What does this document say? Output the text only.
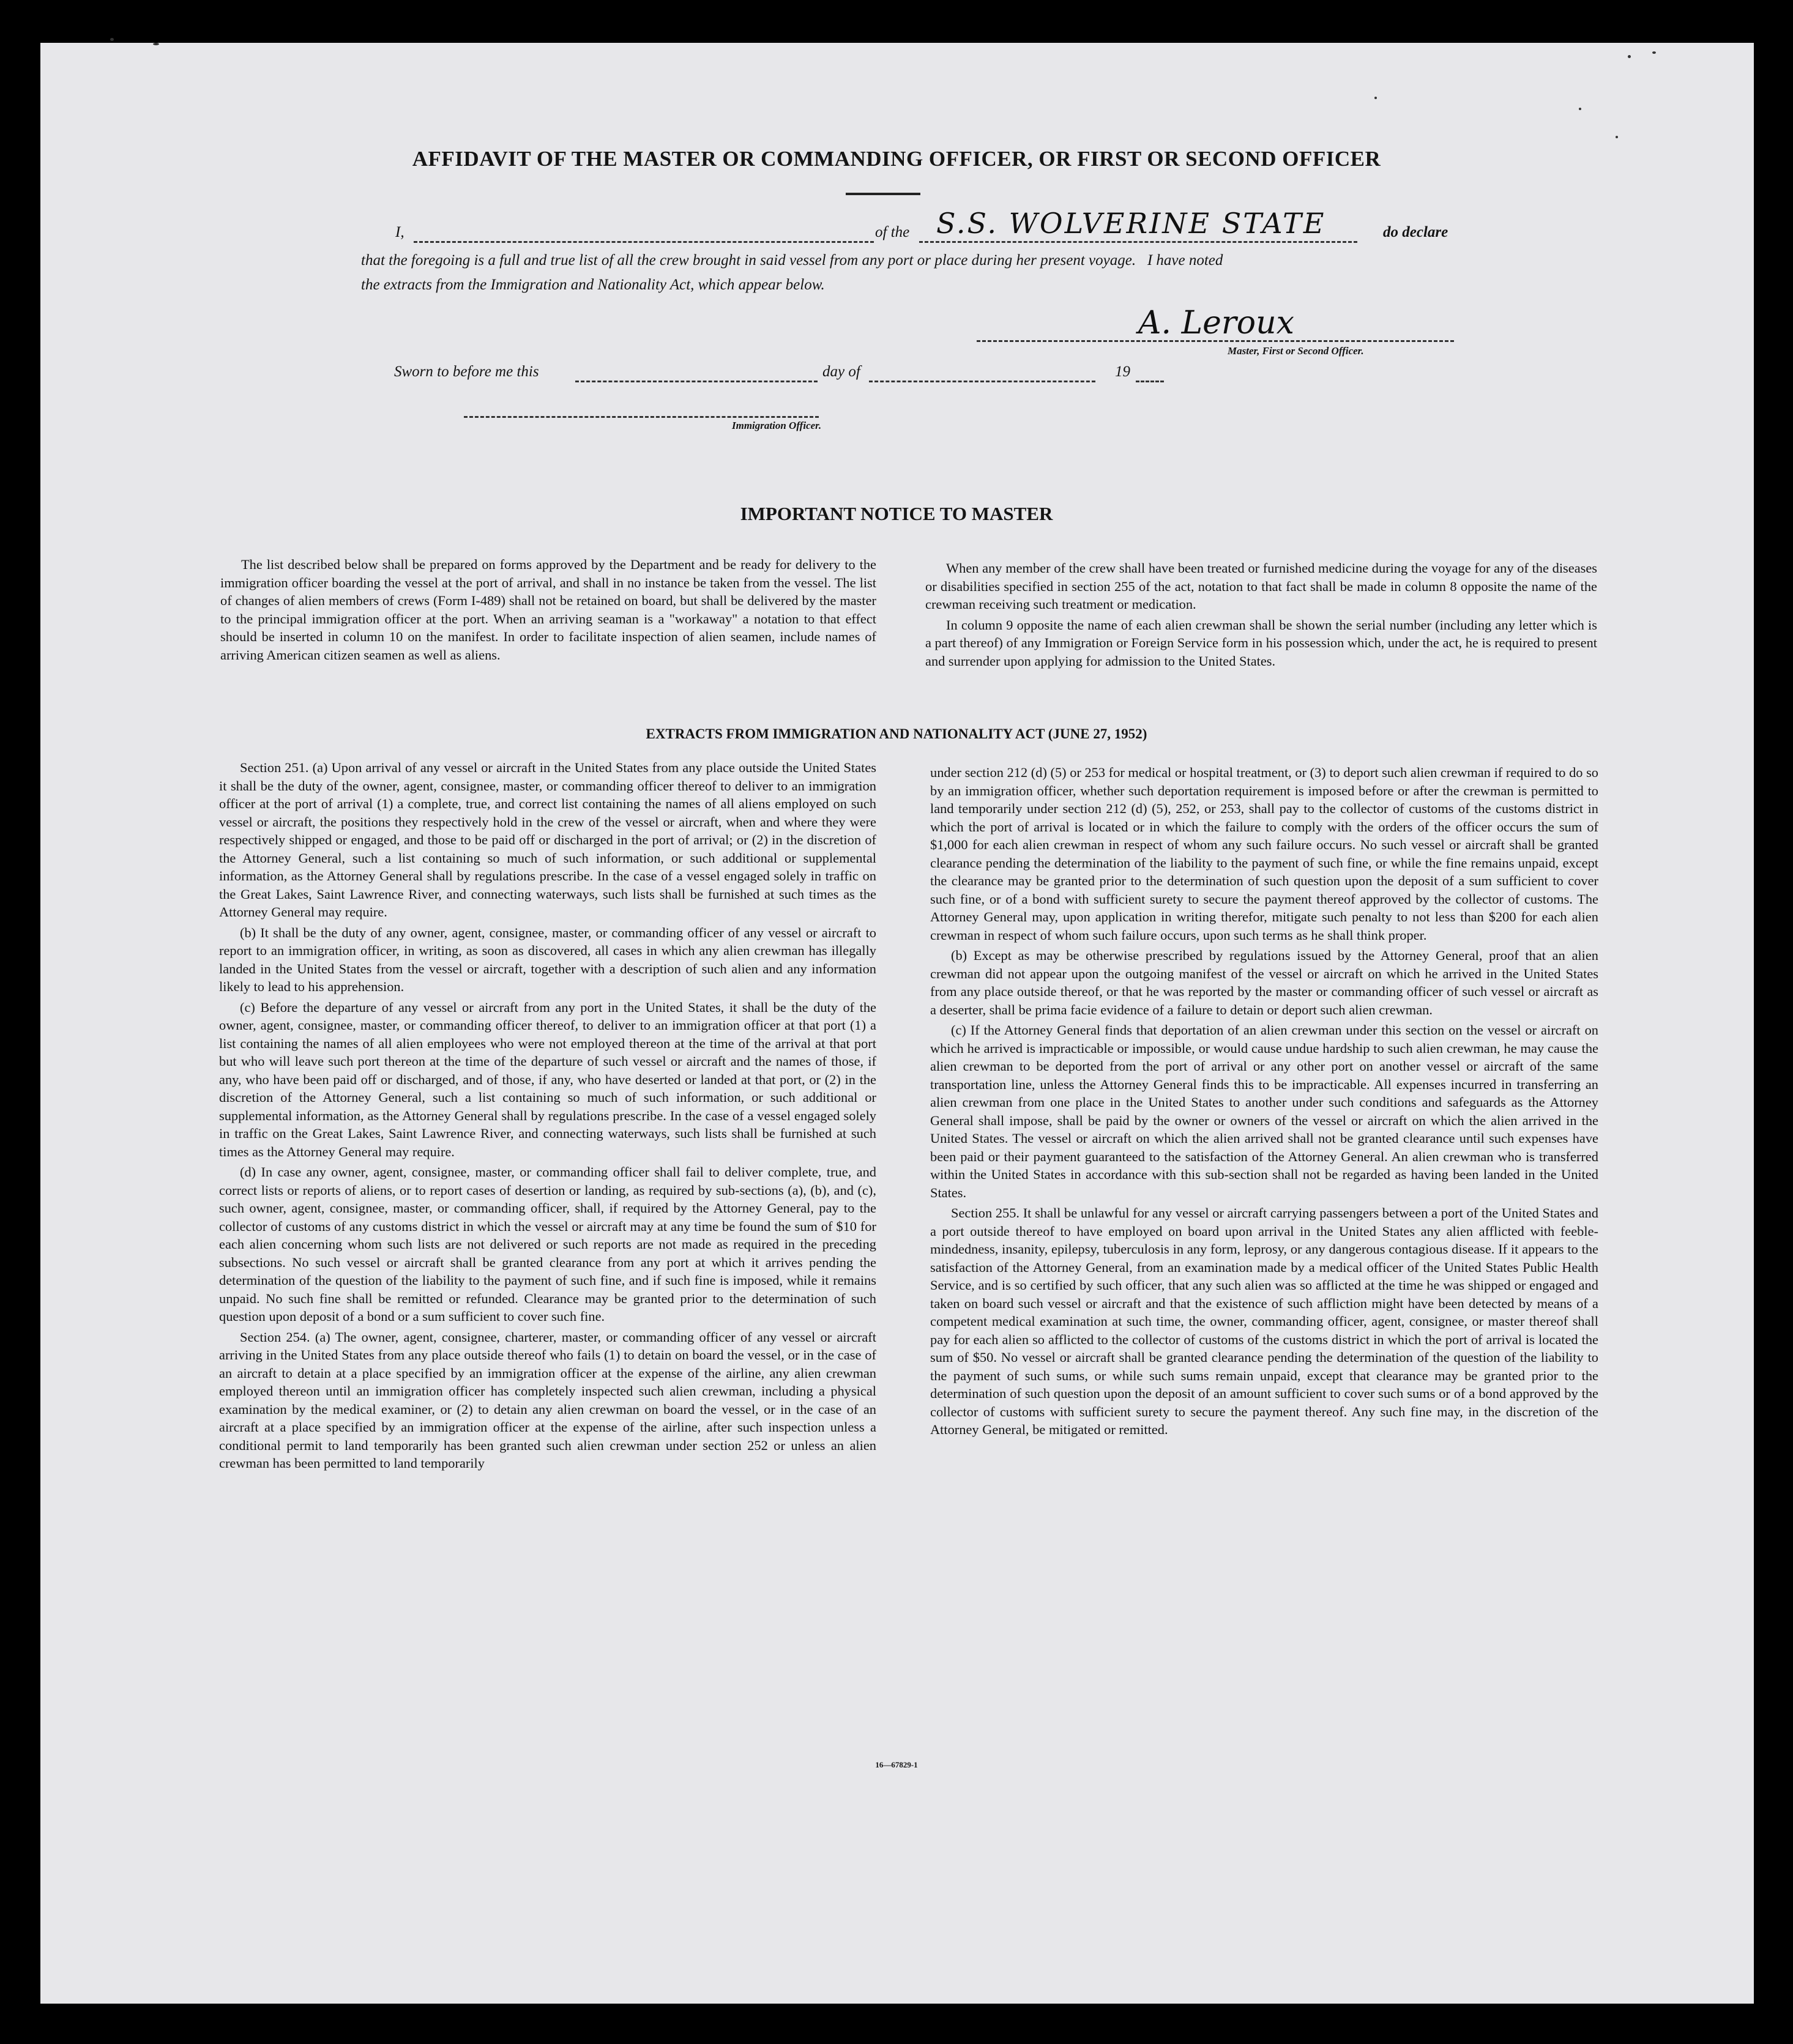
AFFIDAVIT OF THE MASTER OR COMMANDING OFFICER, OR FIRST OR SECOND OFFICER
I,	of the S.S. WOLVERINE STATE	do declare
that the foregoing is a full and true list of all the crew brought in said vessel from any port or place during her present voyage.   I have noted
the extracts from the Immigration and Nationality Act, which appear below.
A. Leroux
Master, First or Second Officer.
Sworn to before me this	day of	19
Immigration Officer.
IMPORTANT NOTICE TO MASTER

The list described below shall be prepared on forms approved by the Department and be ready for delivery to the immigration officer boarding the vessel at the port of arrival, and shall in no instance be taken from the vessel. The list of changes of alien members of crews (Form I-489) shall not be retained on board, but shall be delivered by the master to the principal immigration officer at the port. When an arriving seaman is a "workaway" a notation to that effect should be inserted in column 10 on the manifest. In order to facilitate inspection of alien seamen, include names of arriving American citizen seamen as well as aliens.

When any member of the crew shall have been treated or furnished medicine during the voyage for any of the diseases or disabilities specified in section 255 of the act, notation to that fact shall be made in column 8 opposite the name of the crewman receiving such treatment or medication.

In column 9 opposite the name of each alien crewman shall be shown the serial number (including any letter which is a part thereof) of any Immigration or Foreign Service form in his possession which, under the act, he is required to present and surrender upon applying for admission to the United States.

EXTRACTS FROM IMMIGRATION AND NATIONALITY ACT (JUNE 27, 1952)

Section 251. (a) Upon arrival of any vessel or aircraft in the United States from any place outside the United States it shall be the duty of the owner, agent, consignee, master, or commanding officer thereof to deliver to an immigration officer at the port of arrival (1) a complete, true, and correct list containing the names of all aliens employed on such vessel or aircraft, the positions they respectively hold in the crew of the vessel or aircraft, when and where they were respectively shipped or engaged, and those to be paid off or discharged in the port of arrival; or (2) in the discretion of the Attorney General, such a list containing so much of such information, or such additional or supplemental information, as the Attorney General shall by regulations prescribe. In the case of a vessel engaged solely in traffic on the Great Lakes, Saint Lawrence River, and connecting waterways, such lists shall be furnished at such times as the Attorney General may require.

(b) It shall be the duty of any owner, agent, consignee, master, or commanding officer of any vessel or aircraft to report to an immigration officer, in writing, as soon as discovered, all cases in which any alien crewman has illegally landed in the United States from the vessel or aircraft, together with a description of such alien and any information likely to lead to his apprehension.

(c) Before the departure of any vessel or aircraft from any port in the United States, it shall be the duty of the owner, agent, consignee, master, or commanding officer thereof, to deliver to an immigration officer at that port (1) a list containing the names of all alien employees who were not employed thereon at the time of the arrival at that port but who will leave such port thereon at the time of the departure of such vessel or aircraft and the names of those, if any, who have been paid off or discharged, and of those, if any, who have deserted or landed at that port, or (2) in the discretion of the Attorney General, such a list containing so much of such information, or such additional or supplemental information, as the Attorney General shall by regulations prescribe. In the case of a vessel engaged solely in traffic on the Great Lakes, Saint Lawrence River, and connecting waterways, such lists shall be furnished at such times as the Attorney General may require.

(d) In case any owner, agent, consignee, master, or commanding officer shall fail to deliver complete, true, and correct lists or reports of aliens, or to report cases of desertion or landing, as required by sub-sections (a), (b), and (c), such owner, agent, consignee, master, or commanding officer, shall, if required by the Attorney General, pay to the collector of customs of any customs district in which the vessel or aircraft may at any time be found the sum of $10 for each alien concerning whom such lists are not delivered or such reports are not made as required in the preceding subsections. No such vessel or aircraft shall be granted clearance from any port at which it arrives pending the determination of the question of the liability to the payment of such fine, and if such fine is imposed, while it remains unpaid. No such fine shall be remitted or refunded. Clearance may be granted prior to the determination of such question upon deposit of a bond or a sum sufficient to cover such fine.

Section 254. (a) The owner, agent, consignee, charterer, master, or commanding officer of any vessel or aircraft arriving in the United States from any place outside thereof who fails (1) to detain on board the vessel, or in the case of an aircraft to detain at a place specified by an immigration officer at the expense of the airline, any alien crewman employed thereon until an immigration officer has completely inspected such alien crewman, including a physical examination by the medical examiner, or (2) to detain any alien crewman on board the vessel, or in the case of an aircraft at a place specified by an immigration officer at the expense of the airline, after such inspection unless a conditional permit to land temporarily has been granted such alien crewman under section 252 or unless an alien crewman has been permitted to land temporarily

under section 212 (d) (5) or 253 for medical or hospital treatment, or (3) to deport such alien crewman if required to do so by an immigration officer, whether such deportation requirement is imposed before or after the crewman is permitted to land temporarily under section 212 (d) (5), 252, or 253, shall pay to the collector of customs of the customs district in which the port of arrival is located or in which the failure to comply with the orders of the officer occurs the sum of $1,000 for each alien crewman in respect of whom any such failure occurs. No such vessel or aircraft shall be granted clearance pending the determination of the liability to the payment of such fine, or while the fine remains unpaid, except the clearance may be granted prior to the determination of such question upon the deposit of a sum sufficient to cover such fine, or of a bond with sufficient surety to secure the payment thereof approved by the collector of customs. The Attorney General may, upon application in writing therefor, mitigate such penalty to not less than $200 for each alien crewman in respect of whom such failure occurs, upon such terms as he shall think proper.

(b) Except as may be otherwise prescribed by regulations issued by the Attorney General, proof that an alien crewman did not appear upon the outgoing manifest of the vessel or aircraft on which he arrived in the United States from any place outside thereof, or that he was reported by the master or commanding officer of such vessel or aircraft as a deserter, shall be prima facie evidence of a failure to detain or deport such alien crewman.

(c) If the Attorney General finds that deportation of an alien crewman under this section on the vessel or aircraft on which he arrived is impracticable or impossible, or would cause undue hardship to such alien crewman, he may cause the alien crewman to be deported from the port of arrival or any other port on another vessel or aircraft of the same transportation line, unless the Attorney General finds this to be impracticable. All expenses incurred in transferring an alien crewman from one place in the United States to another under such conditions and safeguards as the Attorney General shall impose, shall be paid by the owner or owners of the vessel or aircraft on which the alien arrived in the United States. The vessel or aircraft on which the alien arrived shall not be granted clearance until such expenses have been paid or their payment guaranteed to the satisfaction of the Attorney General. An alien crewman who is transferred within the United States in accordance with this sub-section shall not be regarded as having been landed in the United States.

Section 255. It shall be unlawful for any vessel or aircraft carrying passengers between a port of the United States and a port outside thereof to have employed on board upon arrival in the United States any alien afflicted with feeble-mindedness, insanity, epilepsy, tuberculosis in any form, leprosy, or any dangerous contagious disease. If it appears to the satisfaction of the Attorney General, from an examination made by a medical officer of the United States Public Health Service, and is so certified by such officer, that any such alien was so afflicted at the time he was shipped or engaged and taken on board such vessel or aircraft and that the existence of such affliction might have been detected by means of a competent medical examination at such time, the owner, commanding officer, agent, consignee, or master thereof shall pay for each alien so afflicted to the collector of customs of the customs district in which the port of arrival is located the sum of $50. No vessel or aircraft shall be granted clearance pending the determination of the question of the liability to the payment of such sums, or while such sums remain unpaid, except that clearance may be granted prior to the determination of such question upon the deposit of an amount sufficient to cover such sums or of a bond approved by the collector of customs with sufficient surety to secure the payment thereof. Any such fine may, in the discretion of the Attorney General, be mitigated or remitted.

16—67829-1
